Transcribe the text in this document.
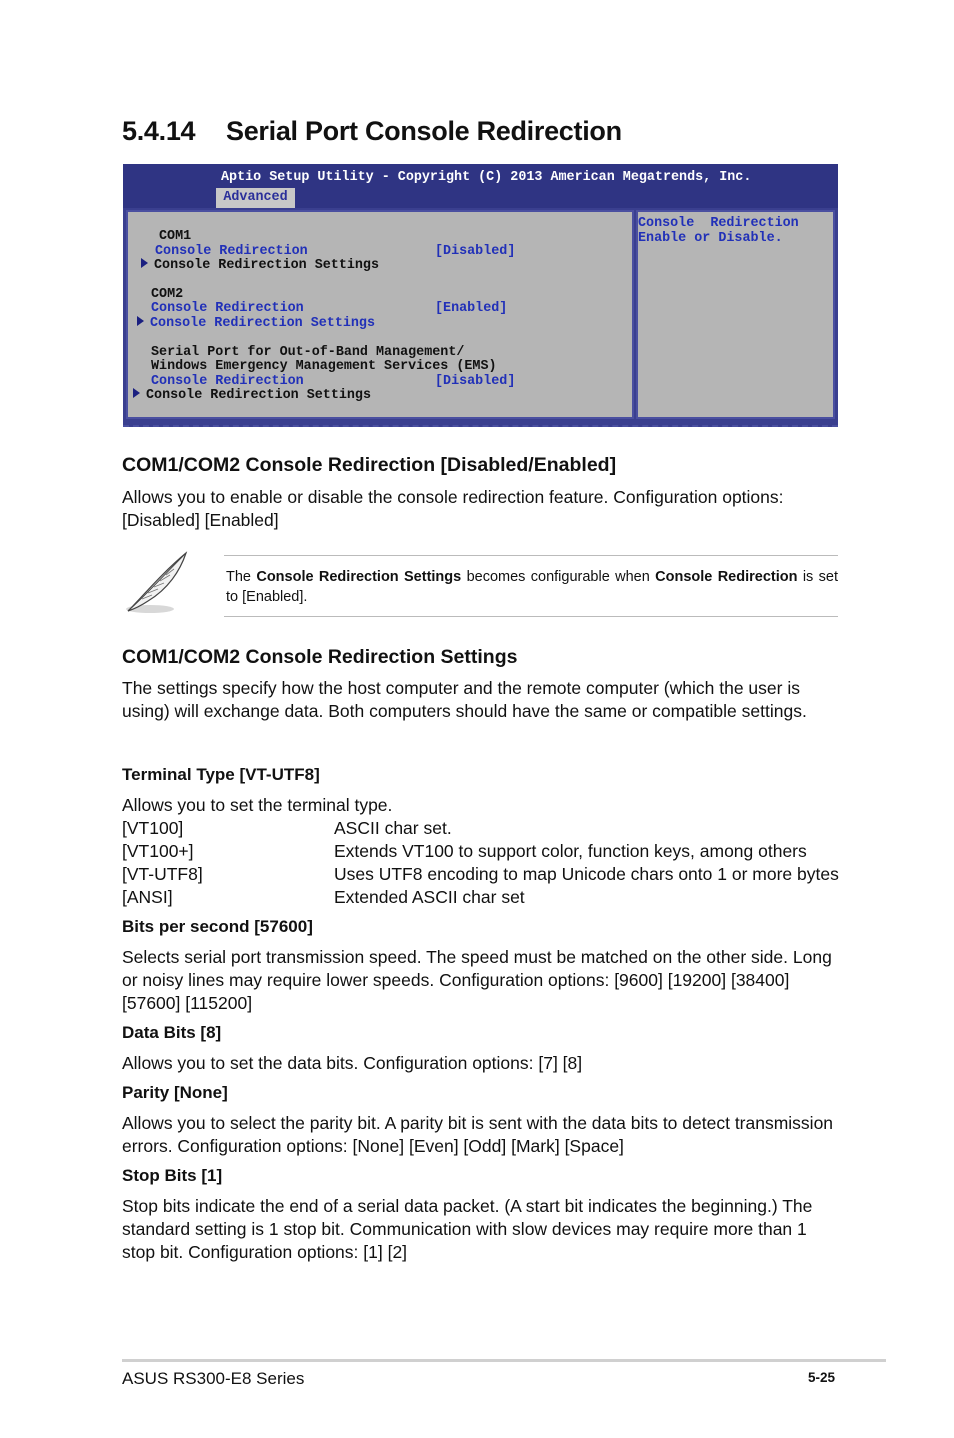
5.4.14 Serial Port Console Redirection
Aptio Setup Utility - Copyright (C) 2013 American Megatrends, Inc.
Advanced
COM1
Console Redirection	[Disabled]
Console Redirection Settings
COM2
Console Redirection	[Enabled]
Console Redirection Settings
Serial Port for Out-of-Band Management/
Windows Emergency Management Services (EMS)
Console Redirection	[Disabled]
Console Redirection Settings
Console  Redirection
Enable or Disable.
COM1/COM2 Console Redirection [Disabled/Enabled]
Allows you to enable or disable the console redirection feature. Configuration options: [Disabled] [Enabled]
The Console Redirection Settings becomes configurable when Console Redirection is set to [Enabled].
COM1/COM2 Console Redirection Settings
The settings specify how the host computer and the remote computer (which the user is using) will exchange data. Both computers should have the same or compatible settings.
Terminal Type [VT-UTF8]
Allows you to set the terminal type.
[VT100]	ASCII char set.
[VT100+]	Extends VT100 to support color, function keys, among others
[VT-UTF8]	Uses UTF8 encoding to map Unicode chars onto 1 or more bytes
[ANSI]	Extended ASCII char set
Bits per second [57600]
Selects serial port transmission speed. The speed must be matched on the other side. Long or noisy lines may require lower speeds. Configuration options: [9600] [19200] [38400] [57600] [115200]
Data Bits [8]
Allows you to set the data bits. Configuration options: [7] [8]
Parity [None]
Allows you to select the parity bit. A parity bit is sent with the data bits to detect transmission errors. Configuration options: [None] [Even] [Odd] [Mark] [Space]
Stop Bits [1]
Stop bits indicate the end of a serial data packet. (A start bit indicates the beginning.) The standard setting is 1 stop bit. Communication with slow devices may require more than 1 stop bit. Configuration options: [1] [2]
ASUS RS300-E8 Series	5-25
